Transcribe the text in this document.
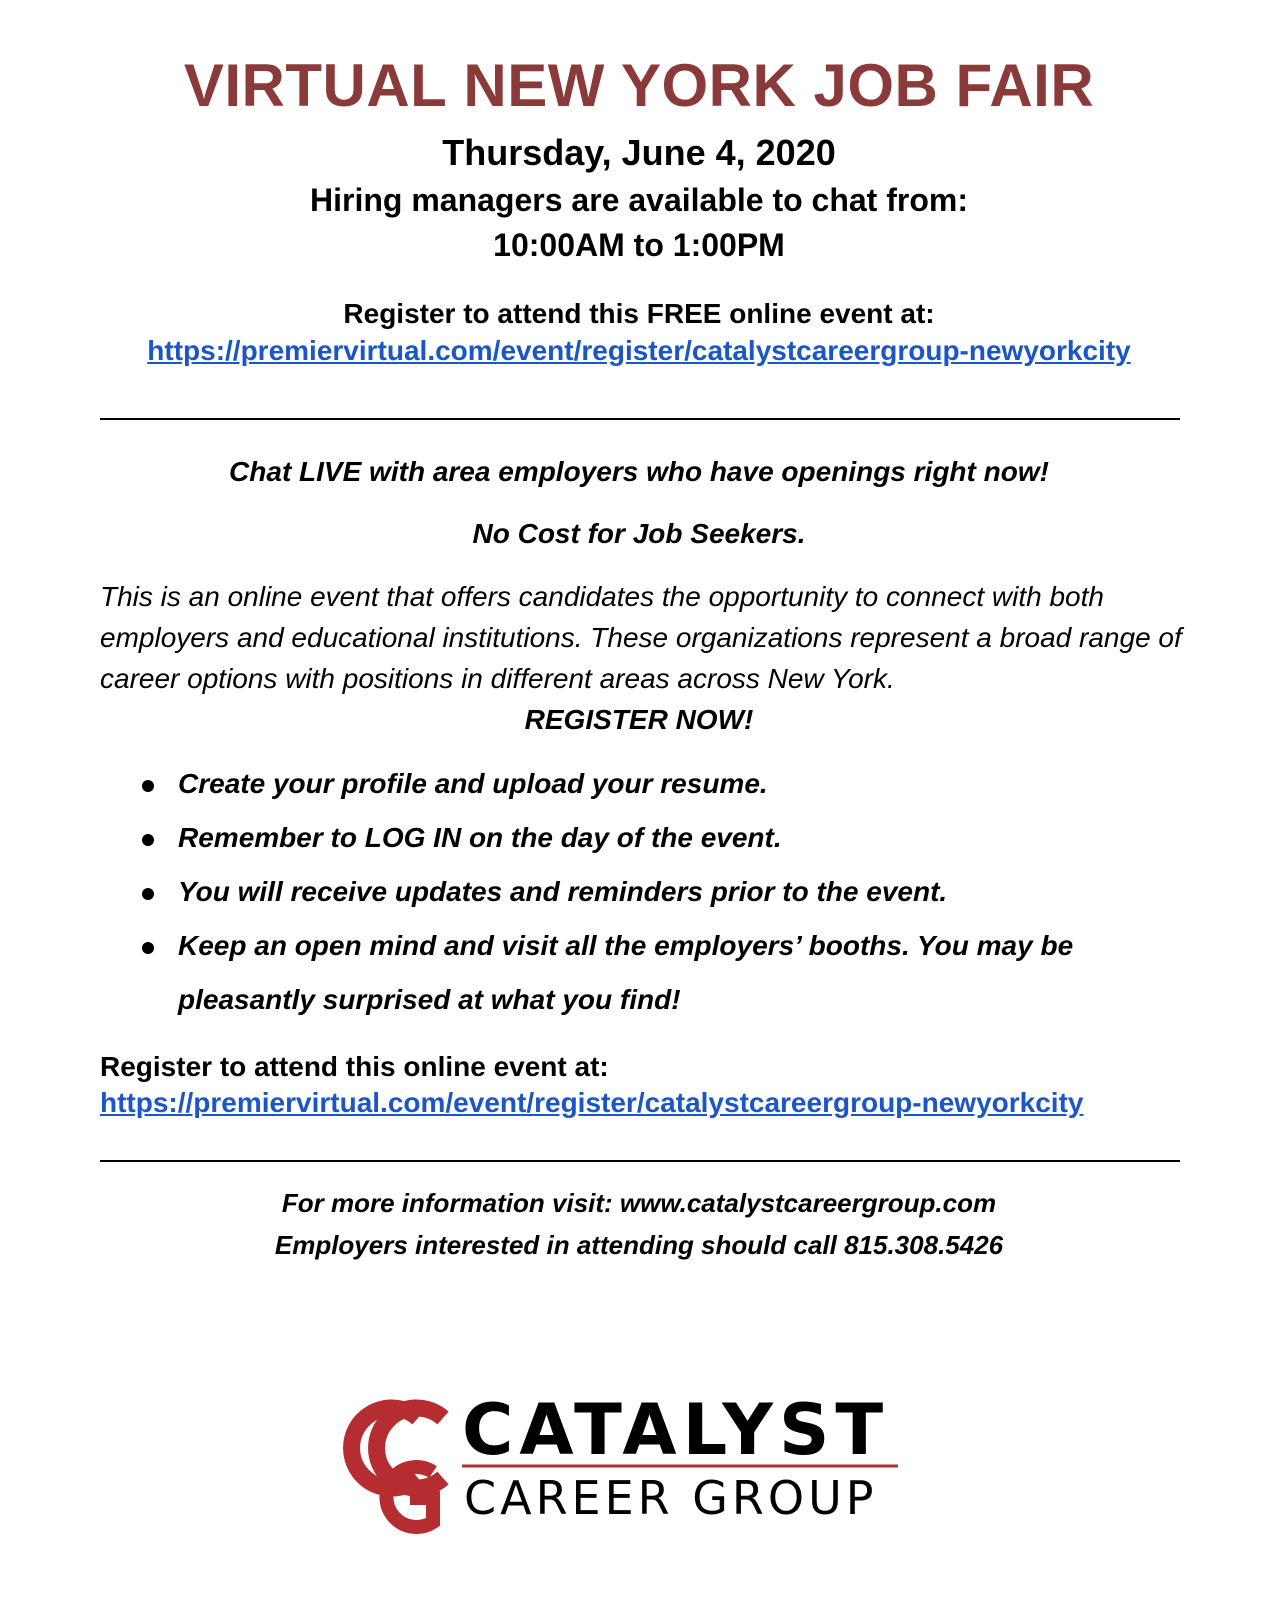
VIRTUAL NEW YORK JOB FAIR

Thursday, June 4, 2020

Hiring managers are available to chat from:

10:00AM to 1:00PM

Register to attend this FREE online event at:

https://premiervirtual.com/event/register/catalystcareergroup-newyorkcity

Chat LIVE with area employers who have openings right now!

No Cost for Job Seekers.

This is an online event that offers candidates the opportunity to connect with both employers and educational institutions. These organizations represent a broad range of career options with positions in different areas across New York.

REGISTER NOW!

Create your profile and upload your resume.
Remember to LOG IN on the day of the event.
You will receive updates and reminders prior to the event.
Keep an open mind and visit all the employers’ booths. You may be pleasantly surprised at what you find!

Register to attend this online event at:

https://premiervirtual.com/event/register/catalystcareergroup-newyorkcity

For more information visit: www.catalystcareergroup.com

Employers interested in attending should call 815.308.5426

CATALYST
CAREER GROUP
